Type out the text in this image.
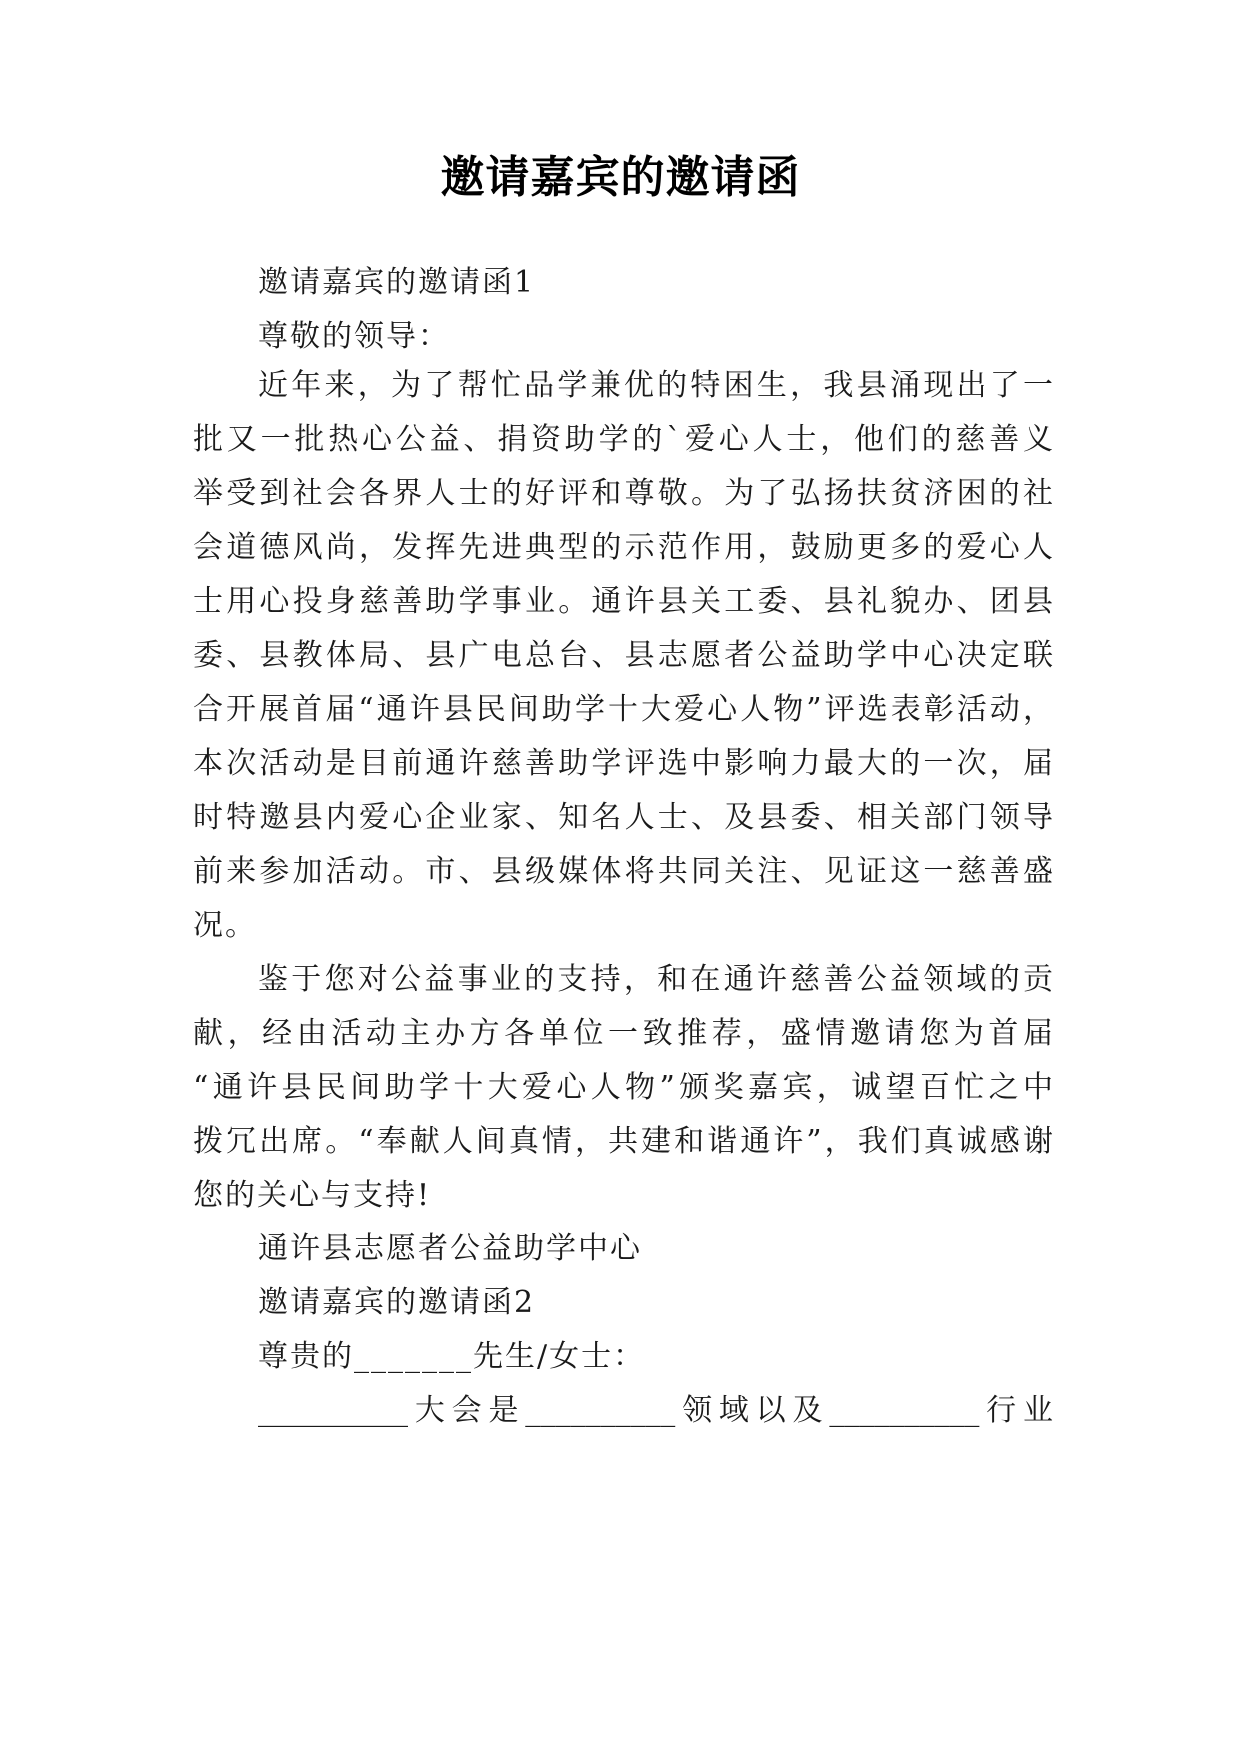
邀请嘉宾的邀请函
邀请嘉宾的邀请函1
尊敬的领导：
近年来，为了帮忙品学兼优的特困生，我县涌现出了一
批又一批热心公益、捐资助学的`爱心人士，他们的慈善义
举受到社会各界人士的好评和尊敬。为了弘扬扶贫济困的社
会道德风尚，发挥先进典型的示范作用，鼓励更多的爱心人
士用心投身慈善助学事业。通许县关工委、县礼貌办、团县
委、县教体局、县广电总台、县志愿者公益助学中心决定联
合开展首届“通许县民间助学十大爱心人物”评选表彰活动，
本次活动是目前通许慈善助学评选中影响力最大的一次，届
时特邀县内爱心企业家、知名人士、及县委、相关部门领导
前来参加活动。市、县级媒体将共同关注、见证这一慈善盛
况。
鉴于您对公益事业的支持，和在通许慈善公益领域的贡
献，经由活动主办方各单位一致推荐，盛情邀请您为首届
“通许县民间助学十大爱心人物”颁奖嘉宾，诚望百忙之中
拨冗出席。“奉献人间真情，共建和谐通许”，我们真诚感谢
您的关心与支持!
通许县志愿者公益助学中心
邀请嘉宾的邀请函2
尊贵的_______先生/女士：
__________大会是__________领域以及__________行业
